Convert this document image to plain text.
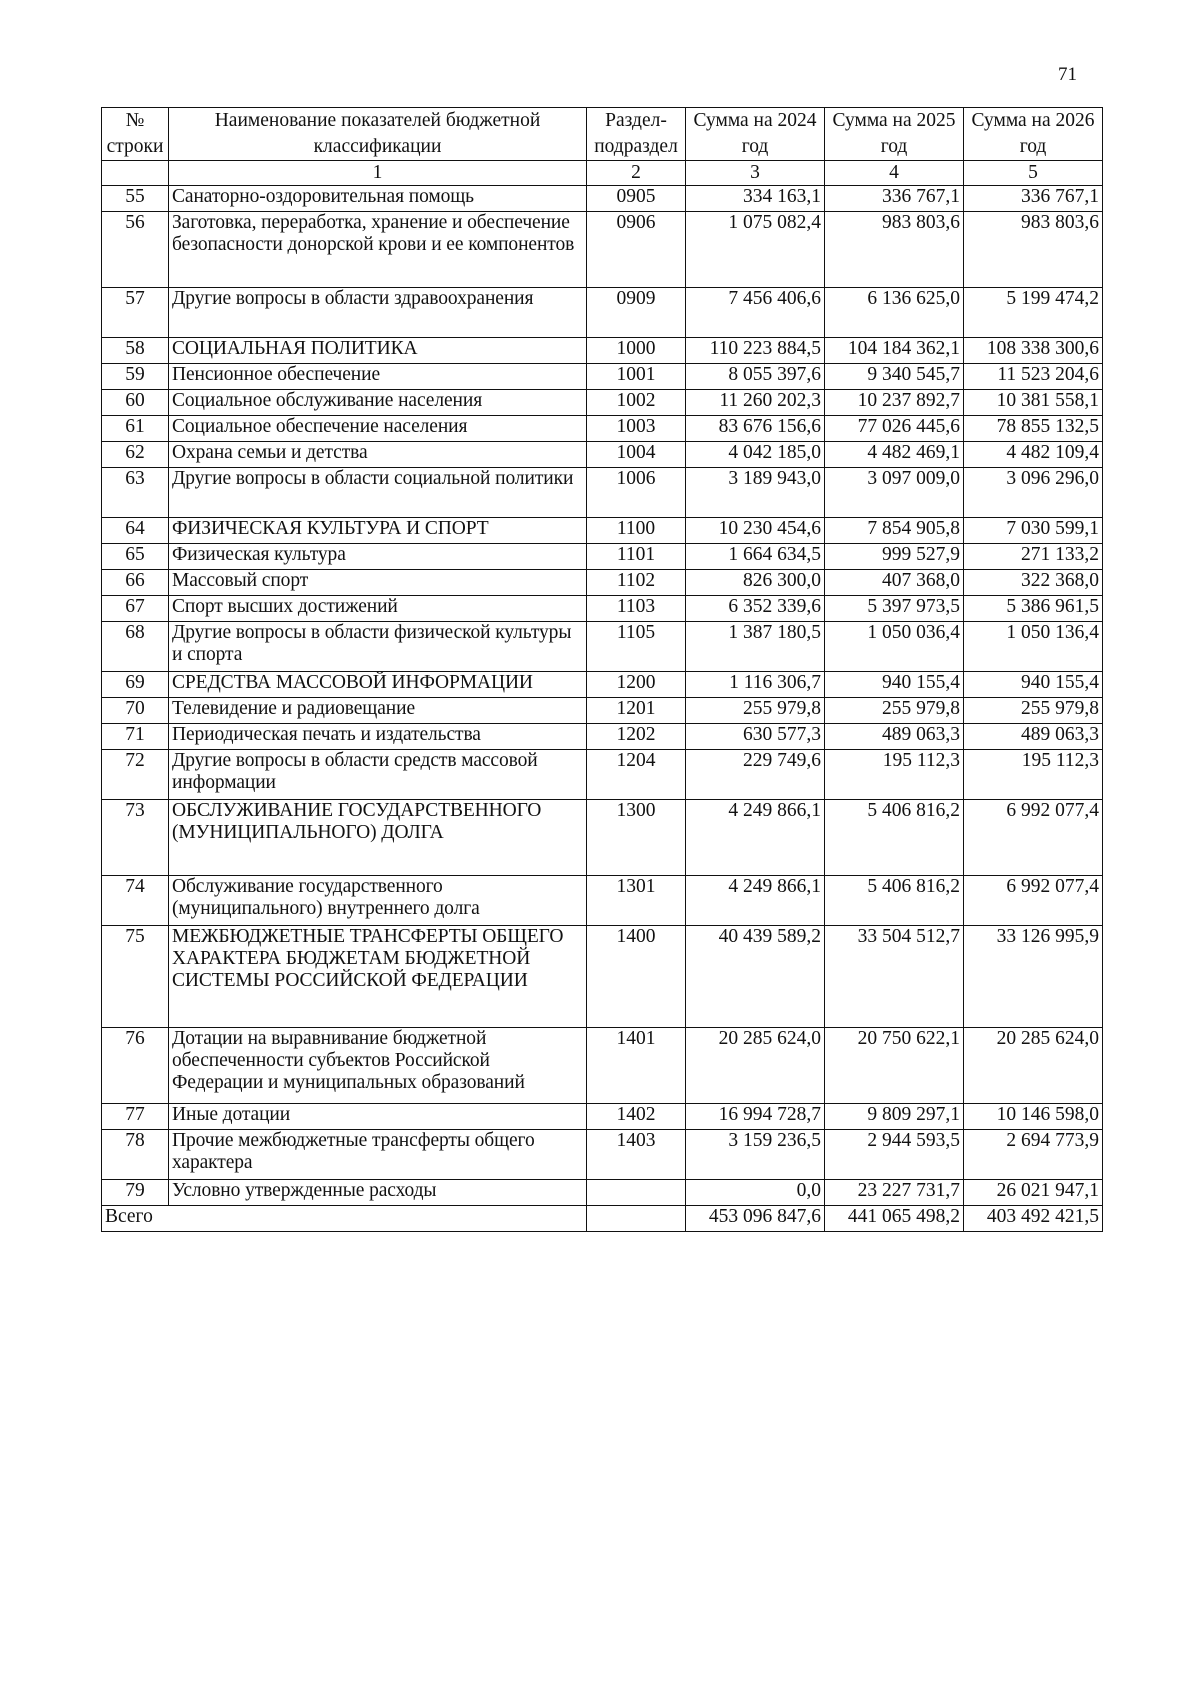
71
№ строки	Наименование показателей бюджетной классификации	Раздел-подраздел	Сумма на 2024 год	Сумма на 2025 год	Сумма на 2026 год
	1	2	3	4	5
55	Санаторно-оздоровительная помощь	0905	334 163,1	336 767,1	336 767,1
56	Заготовка, переработка, хранение и обеспечение безопасности донорской крови и ее компонентов	0906	1 075 082,4	983 803,6	983 803,6
57	Другие вопросы в области здравоохранения	0909	7 456 406,6	6 136 625,0	5 199 474,2
58	СОЦИАЛЬНАЯ ПОЛИТИКА	1000	110 223 884,5	104 184 362,1	108 338 300,6
59	Пенсионное обеспечение	1001	8 055 397,6	9 340 545,7	11 523 204,6
60	Социальное обслуживание населения	1002	11 260 202,3	10 237 892,7	10 381 558,1
61	Социальное обеспечение населения	1003	83 676 156,6	77 026 445,6	78 855 132,5
62	Охрана семьи и детства	1004	4 042 185,0	4 482 469,1	4 482 109,4
63	Другие вопросы в области социальной политики	1006	3 189 943,0	3 097 009,0	3 096 296,0
64	ФИЗИЧЕСКАЯ КУЛЬТУРА И СПОРТ	1100	10 230 454,6	7 854 905,8	7 030 599,1
65	Физическая культура	1101	1 664 634,5	999 527,9	271 133,2
66	Массовый спорт	1102	826 300,0	407 368,0	322 368,0
67	Спорт высших достижений	1103	6 352 339,6	5 397 973,5	5 386 961,5
68	Другие вопросы в области физической культуры и спорта	1105	1 387 180,5	1 050 036,4	1 050 136,4
69	СРЕДСТВА МАССОВОЙ ИНФОРМАЦИИ	1200	1 116 306,7	940 155,4	940 155,4
70	Телевидение и радиовещание	1201	255 979,8	255 979,8	255 979,8
71	Периодическая печать и издательства	1202	630 577,3	489 063,3	489 063,3
72	Другие вопросы в области средств массовой информации	1204	229 749,6	195 112,3	195 112,3
73	ОБСЛУЖИВАНИЕ ГОСУДАРСТВЕННОГО (МУНИЦИПАЛЬНОГО) ДОЛГА	1300	4 249 866,1	5 406 816,2	6 992 077,4
74	Обслуживание государственного (муниципального) внутреннего долга	1301	4 249 866,1	5 406 816,2	6 992 077,4
75	МЕЖБЮДЖЕТНЫЕ ТРАНСФЕРТЫ ОБЩЕГО ХАРАКТЕРА БЮДЖЕТАМ БЮДЖЕТНОЙ СИСТЕМЫ РОССИЙСКОЙ ФЕДЕРАЦИИ	1400	40 439 589,2	33 504 512,7	33 126 995,9
76	Дотации на выравнивание бюджетной обеспеченности субъектов Российской Федерации и муниципальных образований	1401	20 285 624,0	20 750 622,1	20 285 624,0
77	Иные дотации	1402	16 994 728,7	9 809 297,1	10 146 598,0
78	Прочие межбюджетные трансферты общего характера	1403	3 159 236,5	2 944 593,5	2 694 773,9
79	Условно утвержденные расходы		0,0	23 227 731,7	26 021 947,1
Всего			453 096 847,6	441 065 498,2	403 492 421,5
